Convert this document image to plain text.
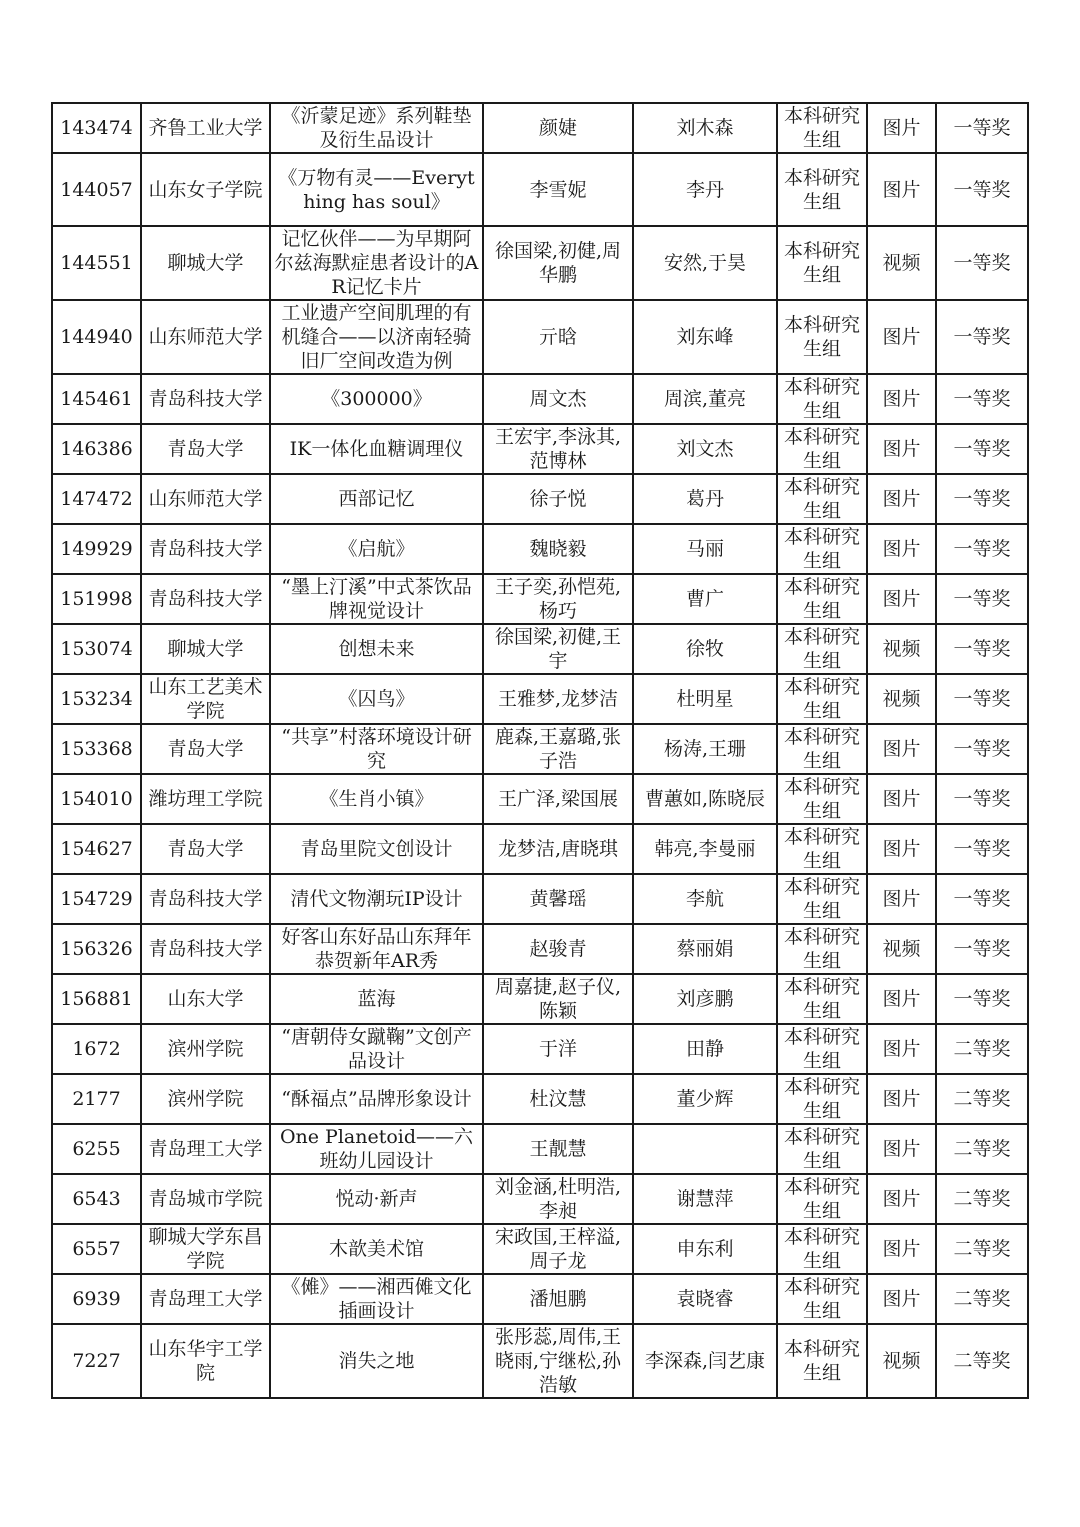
143474	齐鲁工业大学	《沂蒙足迹》系列鞋垫及衍生品设计	颜婕	刘木森	本科研究生组	图片	一等奖
144057	山东女子学院	《万物有灵——Everything has soul》	李雪妮	李丹	本科研究生组	图片	一等奖
144551	聊城大学	记忆伙伴——为早期阿尔兹海默症患者设计的AR记忆卡片	徐国梁,初健,周华鹏	安然,于昊	本科研究生组	视频	一等奖
144940	山东师范大学	工业遗产空间肌理的有机缝合——以济南轻骑旧厂空间改造为例	亓晗	刘东峰	本科研究生组	图片	一等奖
145461	青岛科技大学	《300000》	周文杰	周滨,董亮	本科研究生组	图片	一等奖
146386	青岛大学	IK一体化血糖调理仪	王宏宇,李泳其,范博林	刘文杰	本科研究生组	图片	一等奖
147472	山东师范大学	西部记忆	徐子悦	葛丹	本科研究生组	图片	一等奖
149929	青岛科技大学	《启航》	魏晓毅	马丽	本科研究生组	图片	一等奖
151998	青岛科技大学	“墨上汀溪”中式茶饮品牌视觉设计	王子奕,孙恺苑,杨巧	曹广	本科研究生组	图片	一等奖
153074	聊城大学	创想未来	徐国梁,初健,王宇	徐牧	本科研究生组	视频	一等奖
153234	山东工艺美术学院	《囚鸟》	王雅梦,龙梦洁	杜明星	本科研究生组	视频	一等奖
153368	青岛大学	“共享”村落环境设计研究	鹿森,王嘉璐,张子浩	杨涛,王珊	本科研究生组	图片	一等奖
154010	潍坊理工学院	《生肖小镇》	王广泽,梁国展	曹蕙如,陈晓辰	本科研究生组	图片	一等奖
154627	青岛大学	青岛里院文创设计	龙梦洁,唐晓琪	韩亮,李曼丽	本科研究生组	图片	一等奖
154729	青岛科技大学	清代文物潮玩IP设计	黄馨瑶	李航	本科研究生组	图片	一等奖
156326	青岛科技大学	好客山东好品山东拜年恭贺新年AR秀	赵骏青	蔡丽娟	本科研究生组	视频	一等奖
156881	山东大学	蓝海	周嘉捷,赵子仪,陈颖	刘彦鹏	本科研究生组	图片	一等奖
1672	滨州学院	“唐朝侍女蹴鞠”文创产品设计	于洋	田静	本科研究生组	图片	二等奖
2177	滨州学院	“酥福点”品牌形象设计	杜汶慧	董少辉	本科研究生组	图片	二等奖
6255	青岛理工大学	One Planetoid——六班幼儿园设计	王靓慧		本科研究生组	图片	二等奖
6543	青岛城市学院	悦动·新声	刘金涵,杜明浩,李昶	谢慧萍	本科研究生组	图片	二等奖
6557	聊城大学东昌学院	木歆美术馆	宋政国,王梓溢,周子龙	申东利	本科研究生组	图片	二等奖
6939	青岛理工大学	《傩》——湘西傩文化插画设计	潘旭鹏	袁晓睿	本科研究生组	图片	二等奖
7227	山东华宇工学院	消失之地	张彤蕊,周伟,王晓雨,宁继松,孙浩敏	李深森,闫艺康	本科研究生组	视频	二等奖
